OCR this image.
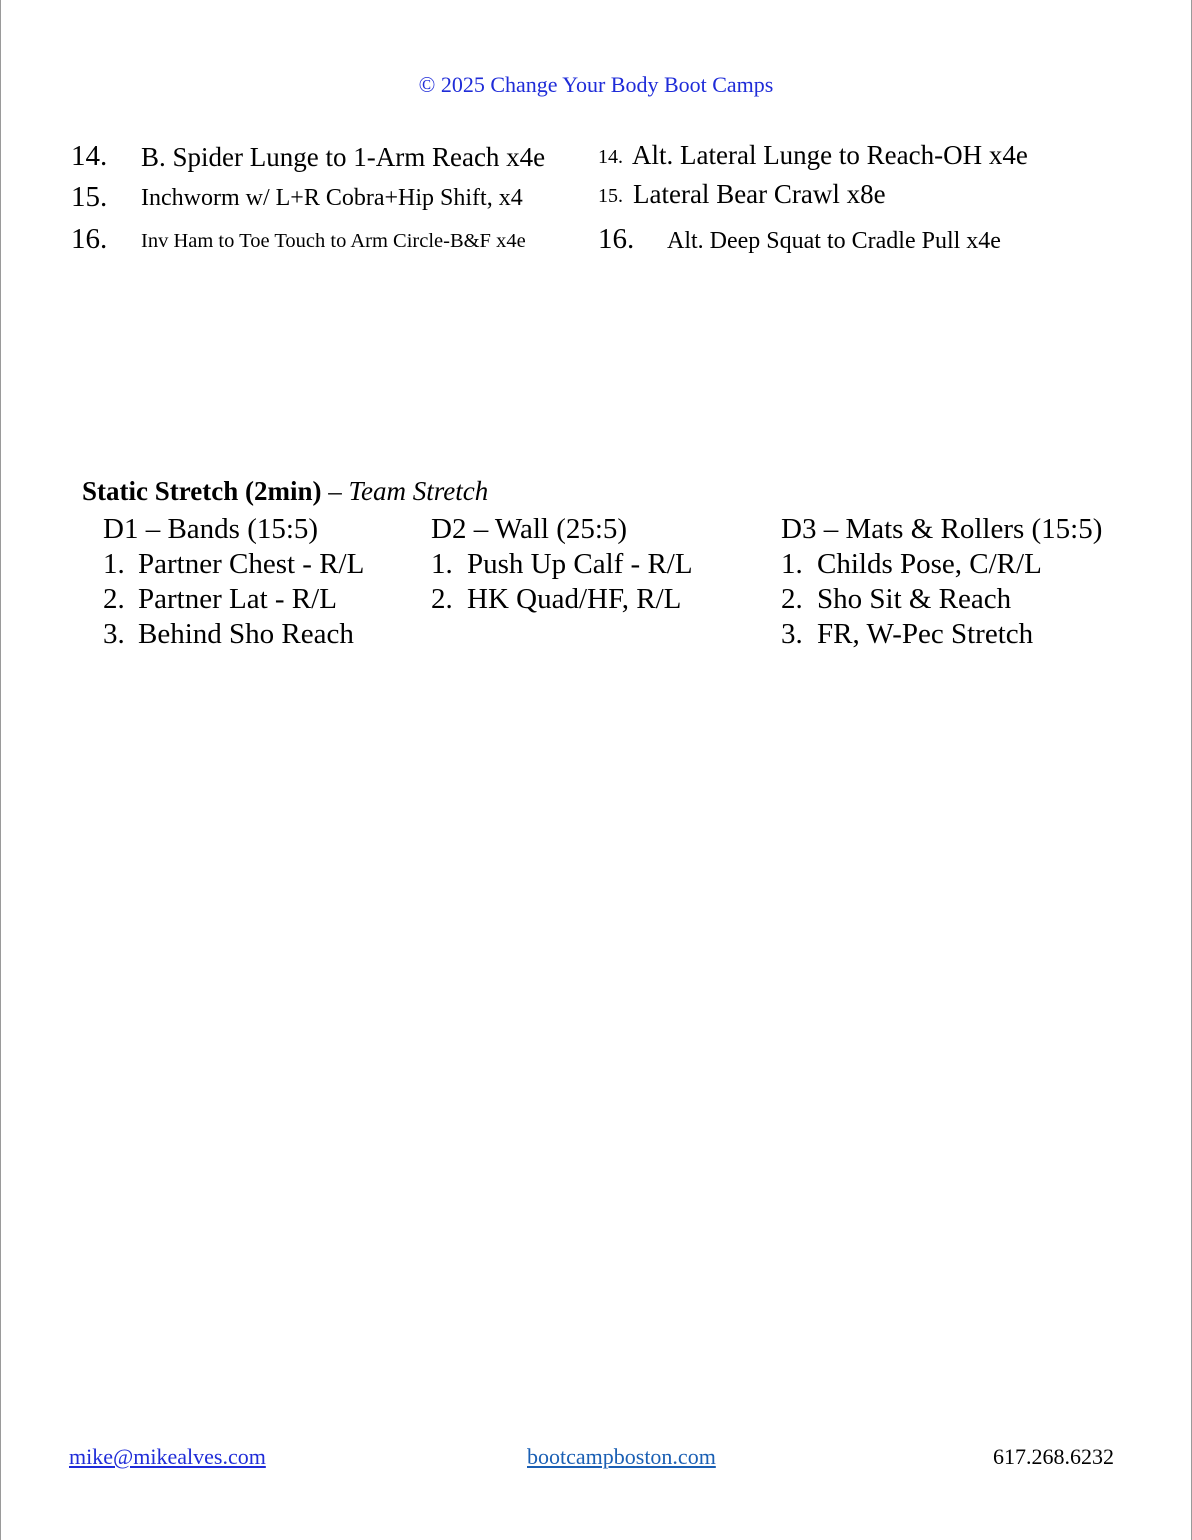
© 2025 Change Your Body Boot Camps
14. B. Spider Lunge to 1-Arm Reach x4e
15. Inchworm w/ L+R Cobra+Hip Shift, x4
16. Inv Ham to Toe Touch to Arm Circle-B&F x4e
14. Alt. Lateral Lunge to Reach-OH x4e
15. Lateral Bear Crawl x8e
16. Alt. Deep Squat to Cradle Pull x4e
Static Stretch (2min) – Team Stretch
D1 – Bands (15:5)
1. Partner Chest - R/L
2. Partner Lat - R/L
3. Behind Sho Reach
D2 – Wall (25:5)
1. Push Up Calf - R/L
2. HK Quad/HF, R/L
D3 – Mats & Rollers (15:5)
1. Childs Pose, C/R/L
2. Sho Sit & Reach
3. FR, W-Pec Stretch
mike@mikealves.com	bootcampboston.com	617.268.6232
